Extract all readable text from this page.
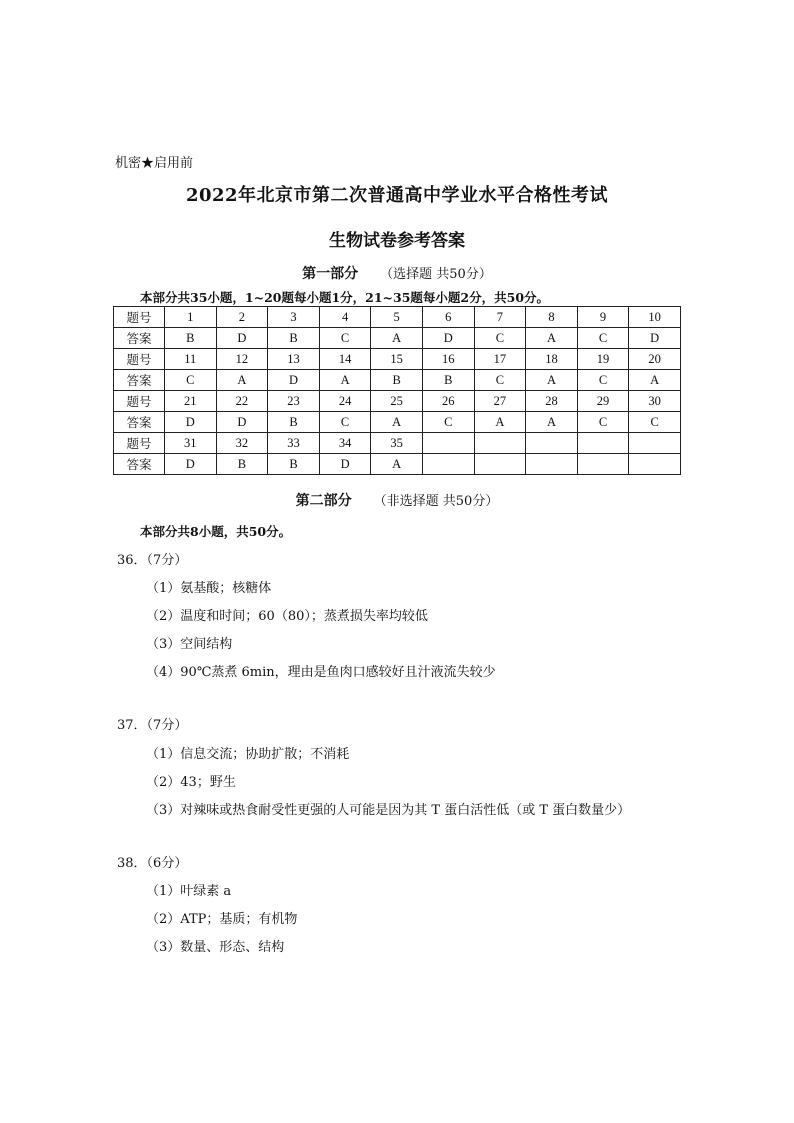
机密★启用前
2022年北京市第二次普通高中学业水平合格性考试
生物试卷参考答案
第一部分 （选择题 共50分）
本部分共35小题，1~20题每小题1分，21~35题每小题2分，共50分。
题号	1	2	3	4	5	6	7	8	9	10
答案	B	D	B	C	A	D	C	A	C	D
题号	11	12	13	14	15	16	17	18	19	20
答案	C	A	D	A	B	B	C	A	C	A
题号	21	22	23	24	25	26	27	28	29	30
答案	D	D	B	C	A	C	A	A	C	C
题号	31	32	33	34	35					
答案	D	B	B	D	A					
第二部分 （非选择题 共50分）
本部分共8小题，共50分。
36．（7分）
（1）氨基酸；核糖体
（2）温度和时间；60（80）；蒸煮损失率均较低
（3）空间结构
（4）90℃蒸煮 6min，理由是鱼肉口感较好且汁液流失较少
37．（7分）
（1）信息交流；协助扩散；不消耗
（2）43；野生
（3）对辣味或热食耐受性更强的人可能是因为其 T 蛋白活性低（或 T 蛋白数量少）
38．（6分）
（1）叶绿素 a
（2）ATP；基质；有机物
（3）数量、形态、结构
